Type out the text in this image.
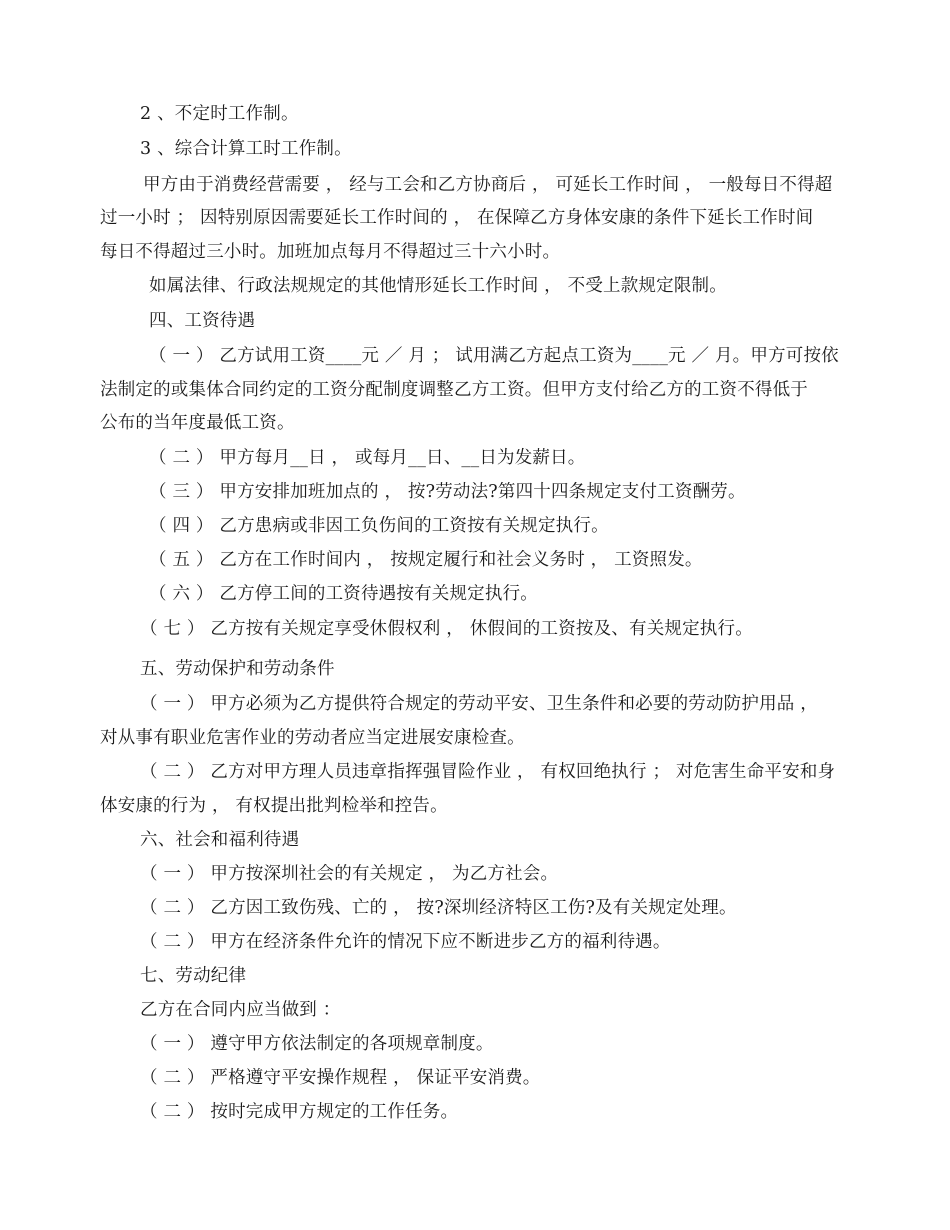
2 、不定时工作制。
3 、综合计算工时工作制。
甲方由于消费经营需要 ， 经与工会和乙方协商后 ， 可延长工作时间 ， 一般每日不得超
过一小时 ； 因特别原因需要延长工作时间的 ， 在保障乙方身体安康的条件下延长工作时间
每日不得超过三小时。加班加点每月不得超过三十六小时。
如属法律、行政法规规定的其他情形延长工作时间 ， 不受上款规定限制。
四、工资待遇
（ 一 ） 乙方试用工资____元 ／ 月 ； 试用满乙方起点工资为____元 ／ 月。甲方可按依
法制定的或集体合同约定的工资分配制度调整乙方工资。但甲方支付给乙方的工资不得低于
公布的当年度最低工资。
（ 二 ） 甲方每月__日 ， 或每月__日、__日为发薪日。
（ 三 ） 甲方安排加班加点的 ， 按?劳动法?第四十四条规定支付工资酬劳。
（ 四 ） 乙方患病或非因工负伤间的工资按有关规定执行。
（ 五 ） 乙方在工作时间内 ， 按规定履行和社会义务时 ， 工资照发。
（ 六 ） 乙方停工间的工资待遇按有关规定执行。
（ 七 ） 乙方按有关规定享受休假权利 ， 休假间的工资按及、有关规定执行。
五、劳动保护和劳动条件
（ 一 ） 甲方必须为乙方提供符合规定的劳动平安、卫生条件和必要的劳动防护用品 ，
对从事有职业危害作业的劳动者应当定进展安康检查。
（ 二 ） 乙方对甲方理人员违章指挥强冒险作业 ， 有权回绝执行 ； 对危害生命平安和身
体安康的行为 ， 有权提出批判检举和控告。
六、社会和福利待遇
（ 一 ） 甲方按深圳社会的有关规定 ， 为乙方社会。
（ 二 ） 乙方因工致伤残、亡的 ， 按?深圳经济特区工伤?及有关规定处理。
（ 二 ） 甲方在经济条件允许的情况下应不断进步乙方的福利待遇。
七、劳动纪律
乙方在合同内应当做到 ：
（ 一 ） 遵守甲方依法制定的各项规章制度。
（ 二 ） 严格遵守平安操作规程 ， 保证平安消费。
（ 二 ） 按时完成甲方规定的工作任务。
